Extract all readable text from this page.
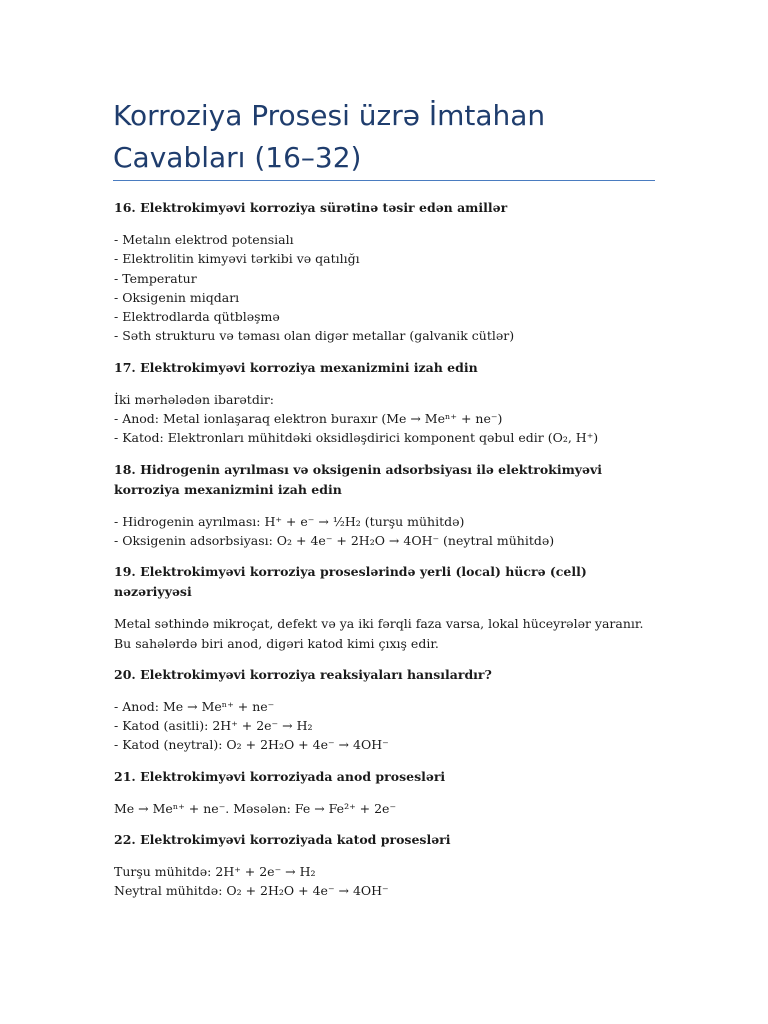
Korroziya Prosesi üzrə İmtahan
Cavabları (16–32)
16. Elektrokimyəvi korroziya sürətinə təsir edən amillər
- Metalın elektrod potensialı
- Elektrolitin kimyəvi tərkibi və qatılığı
- Temperatur
- Oksigenin miqdarı
- Elektrodlarda qütbləşmə
- Səth strukturu və təması olan digər metallar (galvanik cütlər)
17. Elektrokimyəvi korroziya mexanizmini izah edin
İki mərhələdən ibarətdir:
- Anod: Metal ionlaşaraq elektron buraxır (Me → Meⁿ⁺ + ne⁻)
- Katod: Elektronları mühitdəki oksidləşdirici komponent qəbul edir (O₂, H⁺)
18. Hidrogenin ayrılması və oksigenin adsorbsiyası ilə elektrokimyəvi korroziya mexanizmini izah edin
- Hidrogenin ayrılması: H⁺ + e⁻ → ½H₂ (turşu mühitdə)
- Oksigenin adsorbsiyası: O₂ + 4e⁻ + 2H₂O → 4OH⁻ (neytral mühitdə)
19. Elektrokimyəvi korroziya proseslərində yerli (local) hücrə (cell) nəzəriyyəsi
Metal səthində mikroçat, defekt və ya iki fərqli faza varsa, lokal hüceyrələr yaranır. Bu sahələrdə biri anod, digəri katod kimi çıxış edir.
20. Elektrokimyəvi korroziya reaksiyaları hansılardır?
- Anod: Me → Meⁿ⁺ + ne⁻
- Katod (asitli): 2H⁺ + 2e⁻ → H₂
- Katod (neytral): O₂ + 2H₂O + 4e⁻ → 4OH⁻
21. Elektrokimyəvi korroziyada anod prosesləri
Me → Meⁿ⁺ + ne⁻. Məsələn: Fe → Fe²⁺ + 2e⁻
22. Elektrokimyəvi korroziyada katod prosesləri
Turşu mühitdə: 2H⁺ + 2e⁻ → H₂
Neytral mühitdə: O₂ + 2H₂O + 4e⁻ → 4OH⁻
